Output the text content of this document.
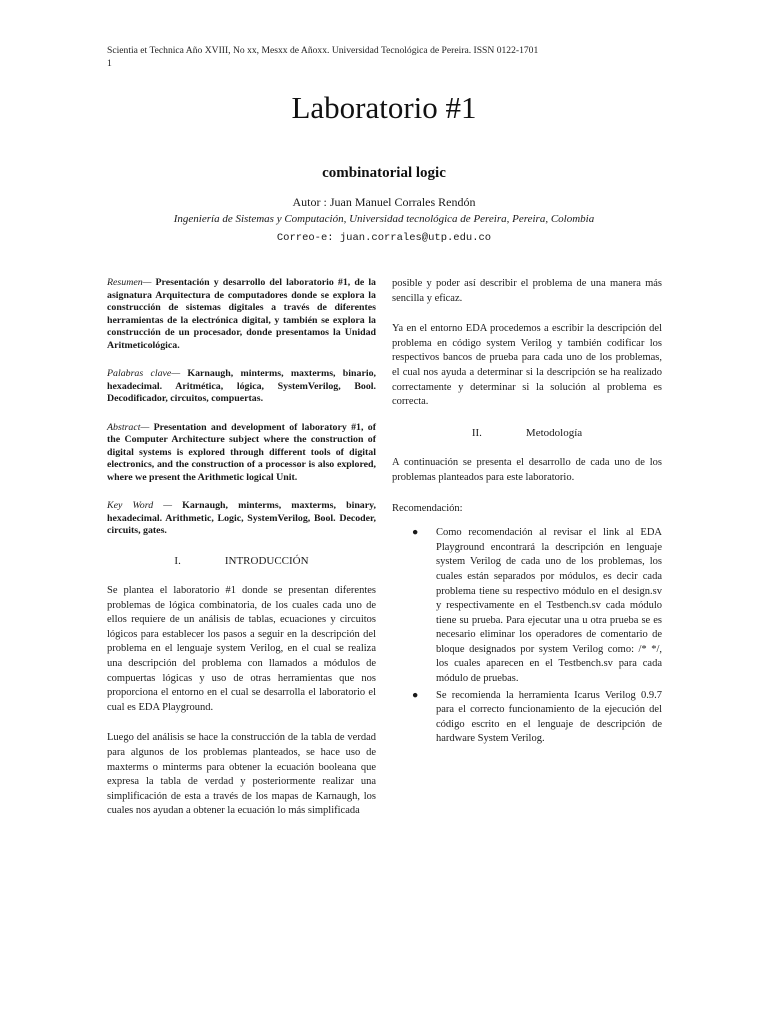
Scientia et Technica Año XVIII, No xx, Mesxx de Añoxx. Universidad Tecnológica de Pereira. ISSN 0122-1701
1
Laboratorio #1
combinatorial logic
Autor : Juan Manuel Corrales Rendón
Ingeniería de Sistemas y Computación, Universidad tecnológica de Pereira, Pereira, Colombia
Correo-e: juan.corrales@utp.edu.co

Resumen— Presentación y desarrollo del laboratorio #1, de la asignatura Arquitectura de computadores donde se explora la construcción de sistemas digitales a través de diferentes herramientas de la electrónica digital, y también se explora la construcción de un procesador, donde presentamos la Unidad Aritmeticológica.

Palabras clave— Karnaugh, minterms, maxterms, binario, hexadecimal. Aritmética, lógica, SystemVerilog, Bool. Decodificador, circuitos, compuertas.

Abstract— Presentation and development of laboratory #1, of the Computer Architecture subject where the construction of digital systems is explored through different tools of digital electronics, and the construction of a processor is also explored, where we present the Arithmetic logical Unit.

Key Word — Karnaugh, minterms, maxterms, binary, hexadecimal. Arithmetic, Logic, SystemVerilog, Bool. Decoder, circuits, gates.

I.	INTRODUCCIÓN

Se plantea el laboratorio #1 donde se presentan diferentes problemas de lógica combinatoria, de los cuales cada uno de ellos requiere de un análisis de tablas, ecuaciones y circuitos lógicos para establecer los pasos a seguir en la descripción del problema en el lenguaje system Verilog, en el cual se realiza una descripción del problema con llamados a módulos de compuertas lógicas y uso de otras herramientas que nos proporciona el entorno en el cual se desarrolla el laboratorio el cual es EDA Playground.

Luego del análisis se hace la construcción de la tabla de verdad para algunos de los problemas planteados, se hace uso de maxterms o minterms para obtener la ecuación booleana que expresa la tabla de verdad y posteriormente realizar una simplificación de esta a través de los mapas de Karnaugh, los cuales nos ayudan a obtener la ecuación lo más simplificada

posible y poder así describir el problema de una manera más sencilla y eficaz.

Ya en el entorno EDA procedemos a escribir la descripción del problema en código system Verilog y también codificar los respectivos bancos de prueba para cada uno de los problemas, el cual nos ayuda a determinar si la descripción se ha realizado correctamente y determinar si la solución al problema es correcta.

II.	Metodología

A continuación se presenta el desarrollo de cada uno de los problemas planteados para este laboratorio.

Recomendación:

● Como recomendación al revisar el link al EDA Playground encontrará la descripción en lenguaje system Verilog de cada uno de los problemas, los cuales están separados por módulos, es decir cada problema tiene su respectivo módulo en el design.sv y respectivamente en el Testbench.sv cada módulo tiene su prueba. Para ejecutar una u otra prueba se es necesario eliminar los operadores de comentario de bloque designados por system Verilog como: /* */, los cuales aparecen en el Testbench.sv para cada módulo de pruebas.
● Se recomienda la herramienta Icarus Verilog 0.9.7 para el correcto funcionamiento de la ejecución del código escrito en el lenguaje de descripción de hardware System Verilog.
